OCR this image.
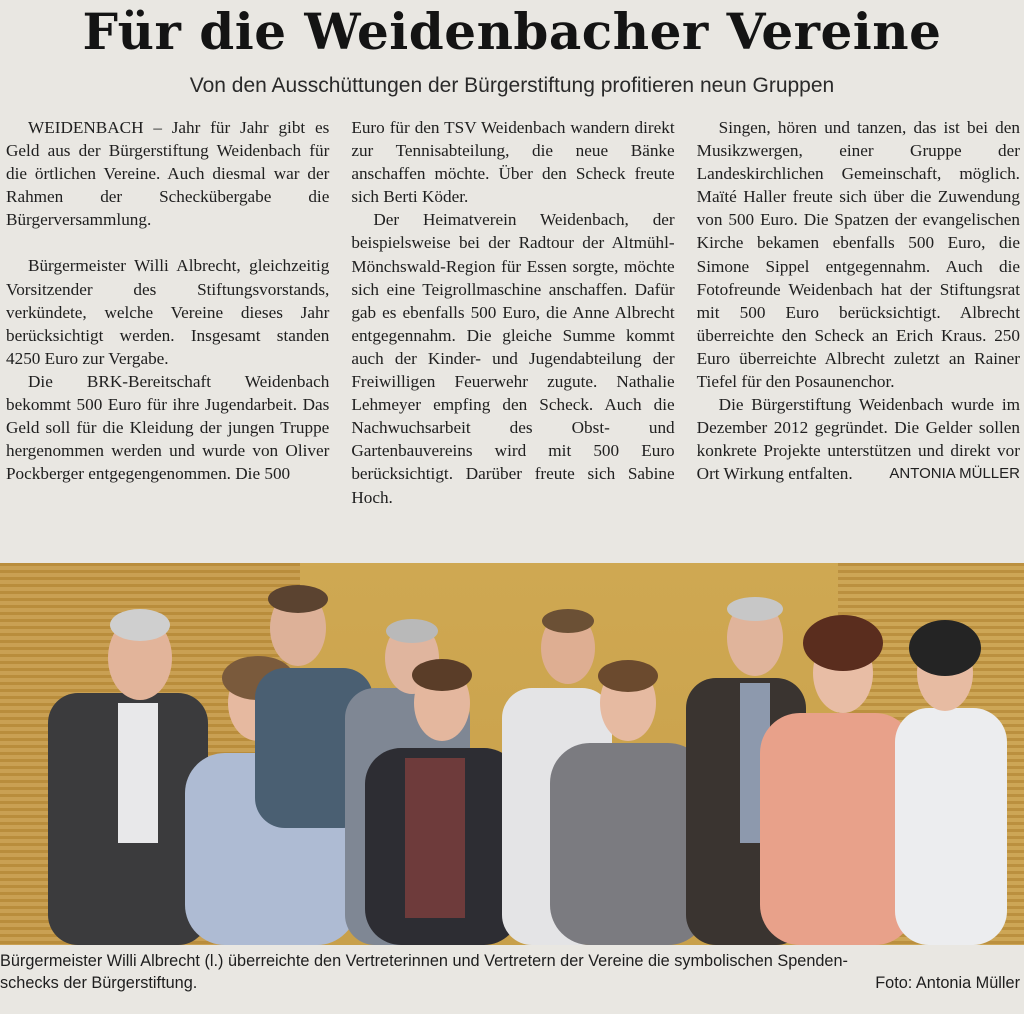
Für die Weidenbacher Vereine
Von den Ausschüttungen der Bürgerstiftung profitieren neun Gruppen

WEIDENBACH – Jahr für Jahr gibt es Geld aus der Bürgerstiftung Weidenbach für die örtlichen Vereine. Auch diesmal war der Rahmen der Scheckübergabe die Bürgerversammlung.

Bürgermeister Willi Albrecht, gleichzeitig Vorsitzender des Stiftungsvorstands, verkündete, welche Vereine dieses Jahr berücksichtigt werden. Insgesamt standen 4250 Euro zur Vergabe.

Die BRK-Bereitschaft Weidenbach bekommt 500 Euro für ihre Jugendarbeit. Das Geld soll für die Kleidung der jungen Truppe hergenommen werden und wurde von Oliver Pockberger entgegengenommen. Die 500

Euro für den TSV Weidenbach wandern direkt zur Tennisabteilung, die neue Bänke anschaffen möchte. Über den Scheck freute sich Berti Köder.

Der Heimatverein Weidenbach, der beispielsweise bei der Radtour der Altmühl-Mönchswald-Region für Essen sorgte, möchte sich eine Teigrollmaschine anschaffen. Dafür gab es ebenfalls 500 Euro, die Anne Albrecht entgegennahm. Die gleiche Summe kommt auch der Kinder- und Jugendabteilung der Freiwilligen Feuerwehr zugute. Nathalie Lehmeyer empfing den Scheck. Auch die Nachwuchsarbeit des Obst- und Gartenbauvereins wird mit 500 Euro berücksichtigt. Darüber freute sich Sabine Hoch.

Singen, hören und tanzen, das ist bei den Musikzwergen, einer Gruppe der Landeskirchlichen Gemeinschaft, möglich. Maïté Haller freute sich über die Zuwendung von 500 Euro. Die Spatzen der evangelischen Kirche bekamen ebenfalls 500 Euro, die Simone Sippel entgegennahm. Auch die Fotofreunde Weidenbach hat der Stiftungsrat mit 500 Euro berücksichtigt. Albrecht überreichte den Scheck an Erich Kraus. 250 Euro überreichte Albrecht zuletzt an Rainer Tiefel für den Posaunenchor.

Die Bürgerstiftung Weidenbach wurde im Dezember 2012 gegründet. Die Gelder sollen konkrete Projekte unterstützen und direkt vor Ort Wirkung entfalten.	ANTONIA MÜLLER

Bürgermeister Willi Albrecht (l.) überreichte den Vertreterinnen und Vertretern der Vereine die symbolischen Spenden-
schecks der Bürgerstiftung.	Foto: Antonia Müller
